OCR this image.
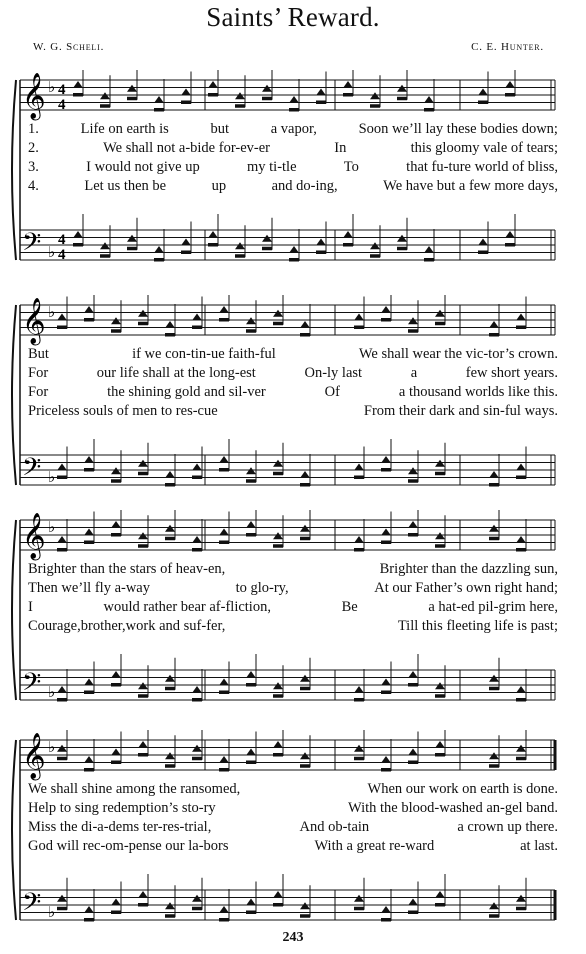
Saints’ Reward.
W. G. Scheli.	C. E. Hunter.
𝄞 ♭ 4
4
𝄢 ♭
4
4
1.	Life on earth is	but	a vapor,	Soon we’ll lay these bodies down;
2.	We shall not a-bide for-ev-er	In	this gloomy vale of tears;
3.	I would not give up	my ti-tle	To	that fu-ture world of bliss,
4.	Let us then be	up	and do-ing,	We have but a few more days,
𝄞 ♭
𝄢 ♭
But	if we con-tin-ue faith-ful	We shall wear the vic-tor’s crown.
For	our life shall at the long-est	On-ly last	a	few short years.
For	the shining gold and sil-ver	Of	a thousand worlds like this.
Priceless souls of men to res-cue	From their dark and sin-ful ways.
𝄞 ♭
𝄢 ♭
Brighter than the stars of heav-en,	Brighter than the dazzling sun,
Then we’ll fly a-way	to glo-ry,	At our Father’s own right hand;
I	would rather bear af-fliction,	Be	a hat-ed pil-grim here,
Courage,brother,work and suf-fer,	Till this fleeting life is past;
𝄞 ♭
𝄢 ♭
We shall shine among the ransomed,	When our work on earth is done.
Help to sing redemption’s sto-ry	With the blood-washed an-gel band.
Miss the di-a-dems ter-res-trial,	And ob-tain	a crown up there.
God will rec-om-pense our la-bors	With a great re-ward	at last.
243
